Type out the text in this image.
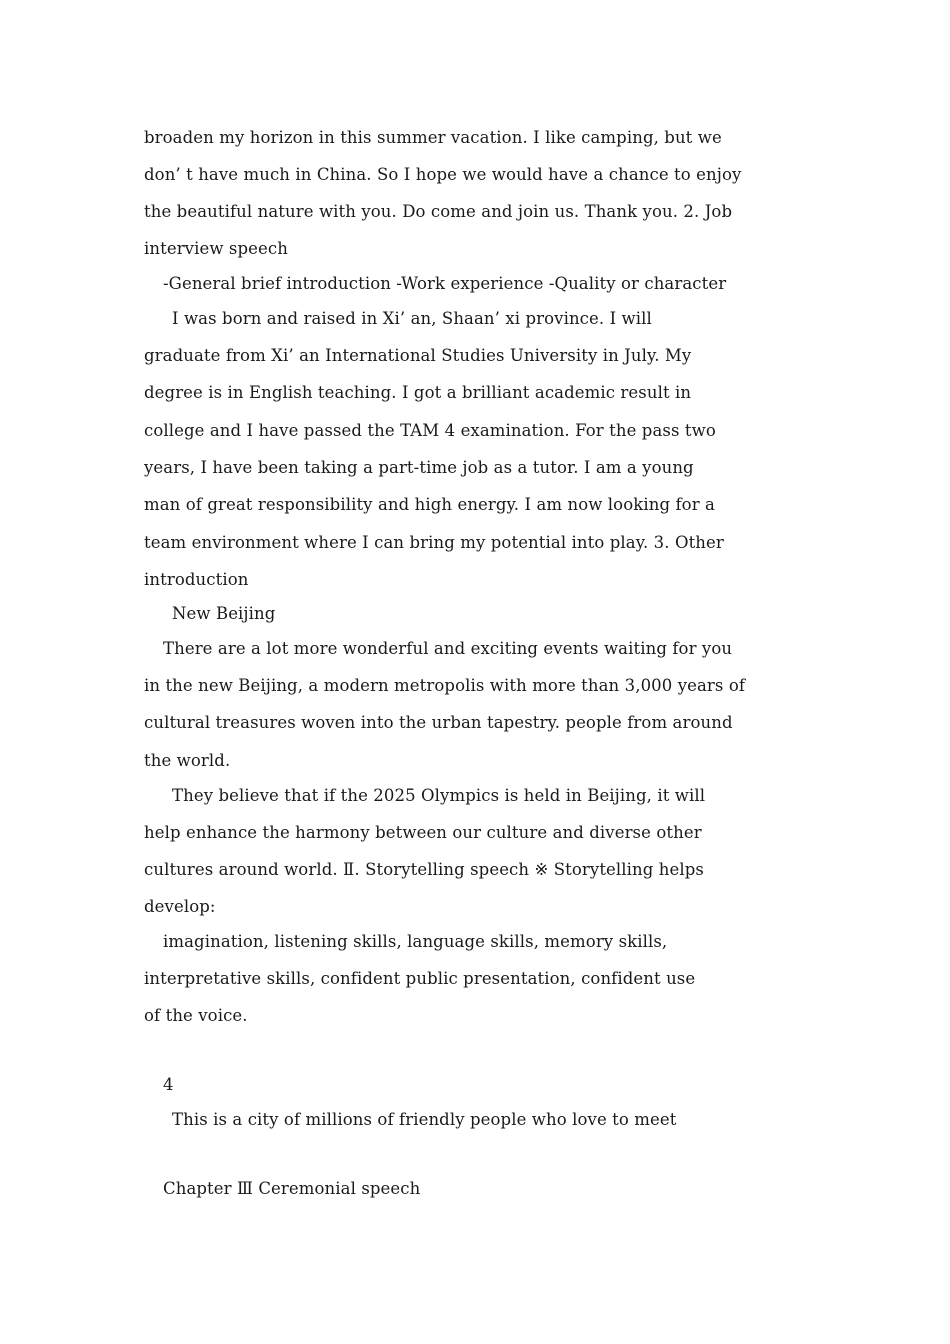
broaden my horizon in this summer vacation. I like camping, but we
don’ t have much in China. So I hope we would have a chance to enjoy
the beautiful nature with you. Do come and join us. Thank you. 2. Job
interview speech
-General brief introduction -Work experience -Quality or character
I was born and raised in Xi’ an, Shaan’ xi province. I will
graduate from Xi’ an International Studies University in July. My
degree is in English teaching. I got a brilliant academic result in
college and I have passed the TAM 4 examination. For the pass two
years, I have been taking a part-time job as a tutor. I am a young
man of great responsibility and high energy. I am now looking for a
team environment where I can bring my potential into play. 3. Other
introduction
New Beijing
There are a lot more wonderful and exciting events waiting for you
in the new Beijing, a modern metropolis with more than 3,000 years of
cultural treasures woven into the urban tapestry. people from around
the world.
They believe that if the 2025 Olympics is held in Beijing, it will
help enhance the harmony between our culture and diverse other
cultures around world. Ⅱ. Storytelling speech ※ Storytelling helps
develop:
imagination, listening skills, language skills, memory skills,
interpretative skills, confident public presentation, confident use
of the voice.
4
This is a city of millions of friendly people who love to meet
Chapter Ⅲ Ceremonial speech
